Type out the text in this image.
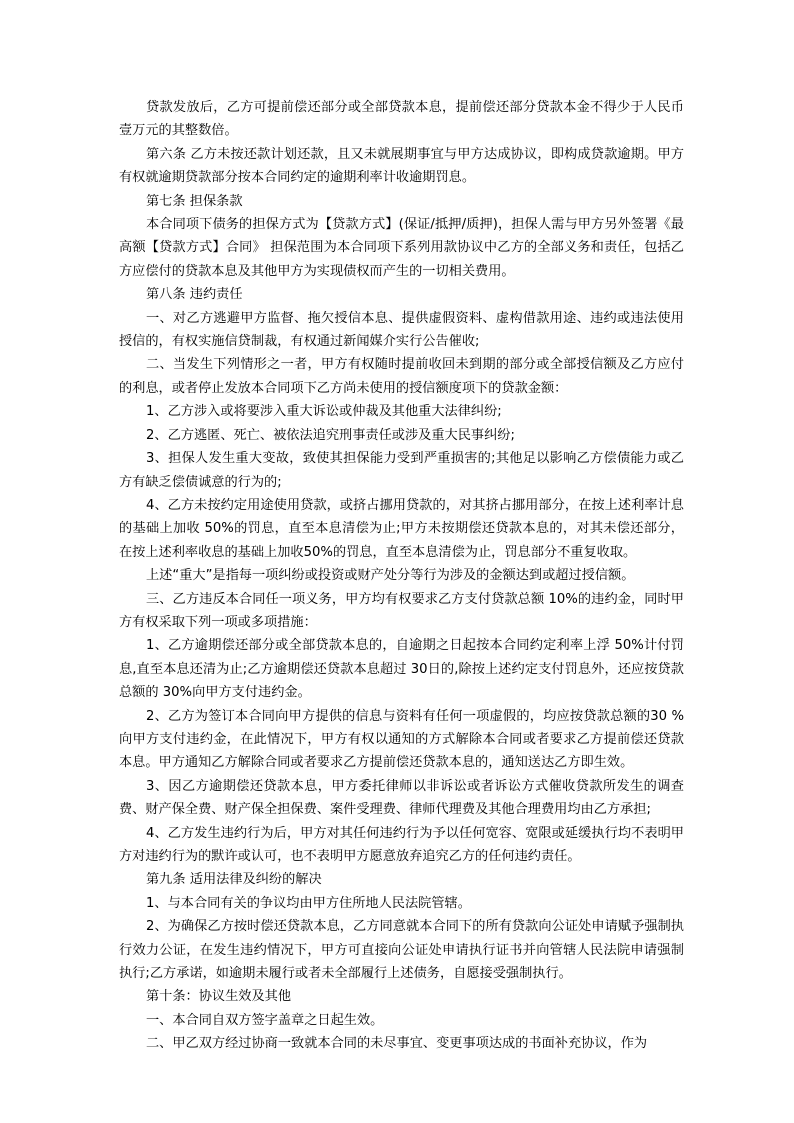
贷款发放后，乙方可提前偿还部分或全部贷款本息，提前偿还部分贷款本金不得少于人民币壹万元的其整数倍。

第六条 乙方未按还款计划还款，且又未就展期事宜与甲方达成协议，即构成贷款逾期。甲方有权就逾期贷款部分按本合同约定的逾期利率计收逾期罚息。

第七条 担保条款

本合同项下债务的担保方式为【贷款方式】(保证/抵押/质押)，担保人需与甲方另外签署《最高额【贷款方式】合同》 担保范围为本合同项下系列用款协议中乙方的全部义务和责任，包括乙方应偿付的贷款本息及其他甲方为实现债权而产生的一切相关费用。

第八条 违约责任

一、对乙方逃避甲方监督、拖欠授信本息、提供虚假资料、虚构借款用途、违约或违法使用授信的，有权实施信贷制裁，有权通过新闻媒介实行公告催收;

二、当发生下列情形之一者，甲方有权随时提前收回未到期的部分或全部授信额及乙方应付的利息，或者停止发放本合同项下乙方尚未使用的授信额度项下的贷款金额：

1、乙方涉入或将要涉入重大诉讼或仲裁及其他重大法律纠纷;

2、乙方逃匿、死亡、被依法追究刑事责任或涉及重大民事纠纷;

3、担保人发生重大变故，致使其担保能力受到严重损害的;其他足以影响乙方偿债能力或乙方有缺乏偿债诚意的行为的;

4、乙方未按约定用途使用贷款，或挤占挪用贷款的，对其挤占挪用部分，在按上述利率计息的基础上加收 50%的罚息，直至本息清偿为止;甲方未按期偿还贷款本息的，对其未偿还部分，在按上述利率收息的基础上加收50%的罚息，直至本息清偿为止，罚息部分不重复收取。

上述“重大”是指每一项纠纷或投资或财产处分等行为涉及的金额达到或超过授信额。

三、乙方违反本合同任一项义务，甲方均有权要求乙方支付贷款总额 10%的违约金，同时甲方有权采取下列一项或多项措施：

1、乙方逾期偿还部分或全部贷款本息的，自逾期之日起按本合同约定利率上浮 50%计付罚息,直至本息还清为止;乙方逾期偿还贷款本息超过 30日的,除按上述约定支付罚息外，还应按贷款总额的 30%向甲方支付违约金。

2、乙方为签订本合同向甲方提供的信息与资料有任何一项虚假的，均应按贷款总额的30 %向甲方支付违约金，在此情况下，甲方有权以通知的方式解除本合同或者要求乙方提前偿还贷款本息。甲方通知乙方解除合同或者要求乙方提前偿还贷款本息的，通知送达乙方即生效。

3、因乙方逾期偿还贷款本息，甲方委托律师以非诉讼或者诉讼方式催收贷款所发生的调查费、财产保全费、财产保全担保费、案件受理费、律师代理费及其他合理费用均由乙方承担;

4、乙方发生违约行为后，甲方对其任何违约行为予以任何宽容、宽限或延缓执行均不表明甲方对违约行为的默许或认可，也不表明甲方愿意放弃追究乙方的任何违约责任。

第九条 适用法律及纠纷的解决

1、与本合同有关的争议均由甲方住所地人民法院管辖。

2、为确保乙方按时偿还贷款本息，乙方同意就本合同下的所有贷款向公证处申请赋予强制执行效力公证，在发生违约情况下，甲方可直接向公证处申请执行证书并向管辖人民法院申请强制执行;乙方承诺，如逾期未履行或者未全部履行上述债务，自愿接受强制执行。

第十条：协议生效及其他

一、本合同自双方签字盖章之日起生效。

二、甲乙双方经过协商一致就本合同的未尽事宜、变更事项达成的书面补充协议，作为
